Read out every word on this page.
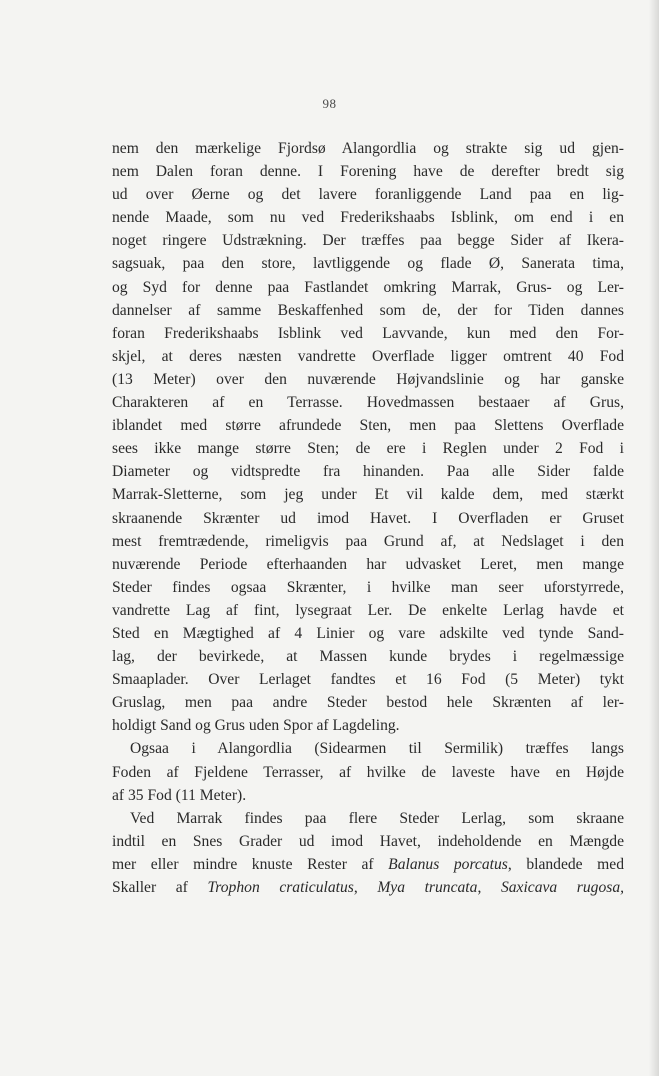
98
nem den mærkelige Fjordsø Alangordlia og strakte sig ud gjen-
nem Dalen foran denne. I Forening have de derefter bredt sig
ud over Øerne og det lavere foranliggende Land paa en lig-
nende Maade, som nu ved Frederikshaabs Isblink, om end i en
noget ringere Udstrækning. Der træffes paa begge Sider af Ikera-
sagsuak, paa den store, lavtliggende og flade Ø, Sanerata tima,
og Syd for denne paa Fastlandet omkring Marrak, Grus- og Ler-
dannelser af samme Beskaffenhed som de, der for Tiden dannes
foran Frederikshaabs Isblink ved Lavvande, kun med den For-
skjel, at deres næsten vandrette Overflade ligger omtrent 40 Fod
(13 Meter) over den nuværende Højvandslinie og har ganske
Charakteren af en Terrasse. Hovedmassen bestaaer af Grus,
iblandet med større afrundede Sten, men paa Slettens Overflade
sees ikke mange større Sten; de ere i Reglen under 2 Fod i
Diameter og vidtspredte fra hinanden. Paa alle Sider falde
Marrak-Sletterne, som jeg under Et vil kalde dem, med stærkt
skraanende Skrænter ud imod Havet. I Overfladen er Gruset
mest fremtrædende, rimeligvis paa Grund af, at Nedslaget i den
nuværende Periode efterhaanden har udvasket Leret, men mange
Steder findes ogsaa Skrænter, i hvilke man seer uforstyrrede,
vandrette Lag af fint, lysegraat Ler. De enkelte Lerlag havde et
Sted en Mægtighed af 4 Linier og vare adskilte ved tynde Sand-
lag, der bevirkede, at Massen kunde brydes i regelmæssige
Smaaplader. Over Lerlaget fandtes et 16 Fod (5 Meter) tykt
Gruslag, men paa andre Steder bestod hele Skrænten af ler-
holdigt Sand og Grus uden Spor af Lagdeling.
Ogsaa i Alangordlia (Sidearmen til Sermilik) træffes langs
Foden af Fjeldene Terrasser, af hvilke de laveste have en Højde
af 35 Fod (11 Meter).
Ved Marrak findes paa flere Steder Lerlag, som skraane
indtil en Snes Grader ud imod Havet, indeholdende en Mængde
mer eller mindre knuste Rester af Balanus porcatus, blandede med
Skaller af Trophon craticulatus, Mya truncata, Saxicava rugosa,
